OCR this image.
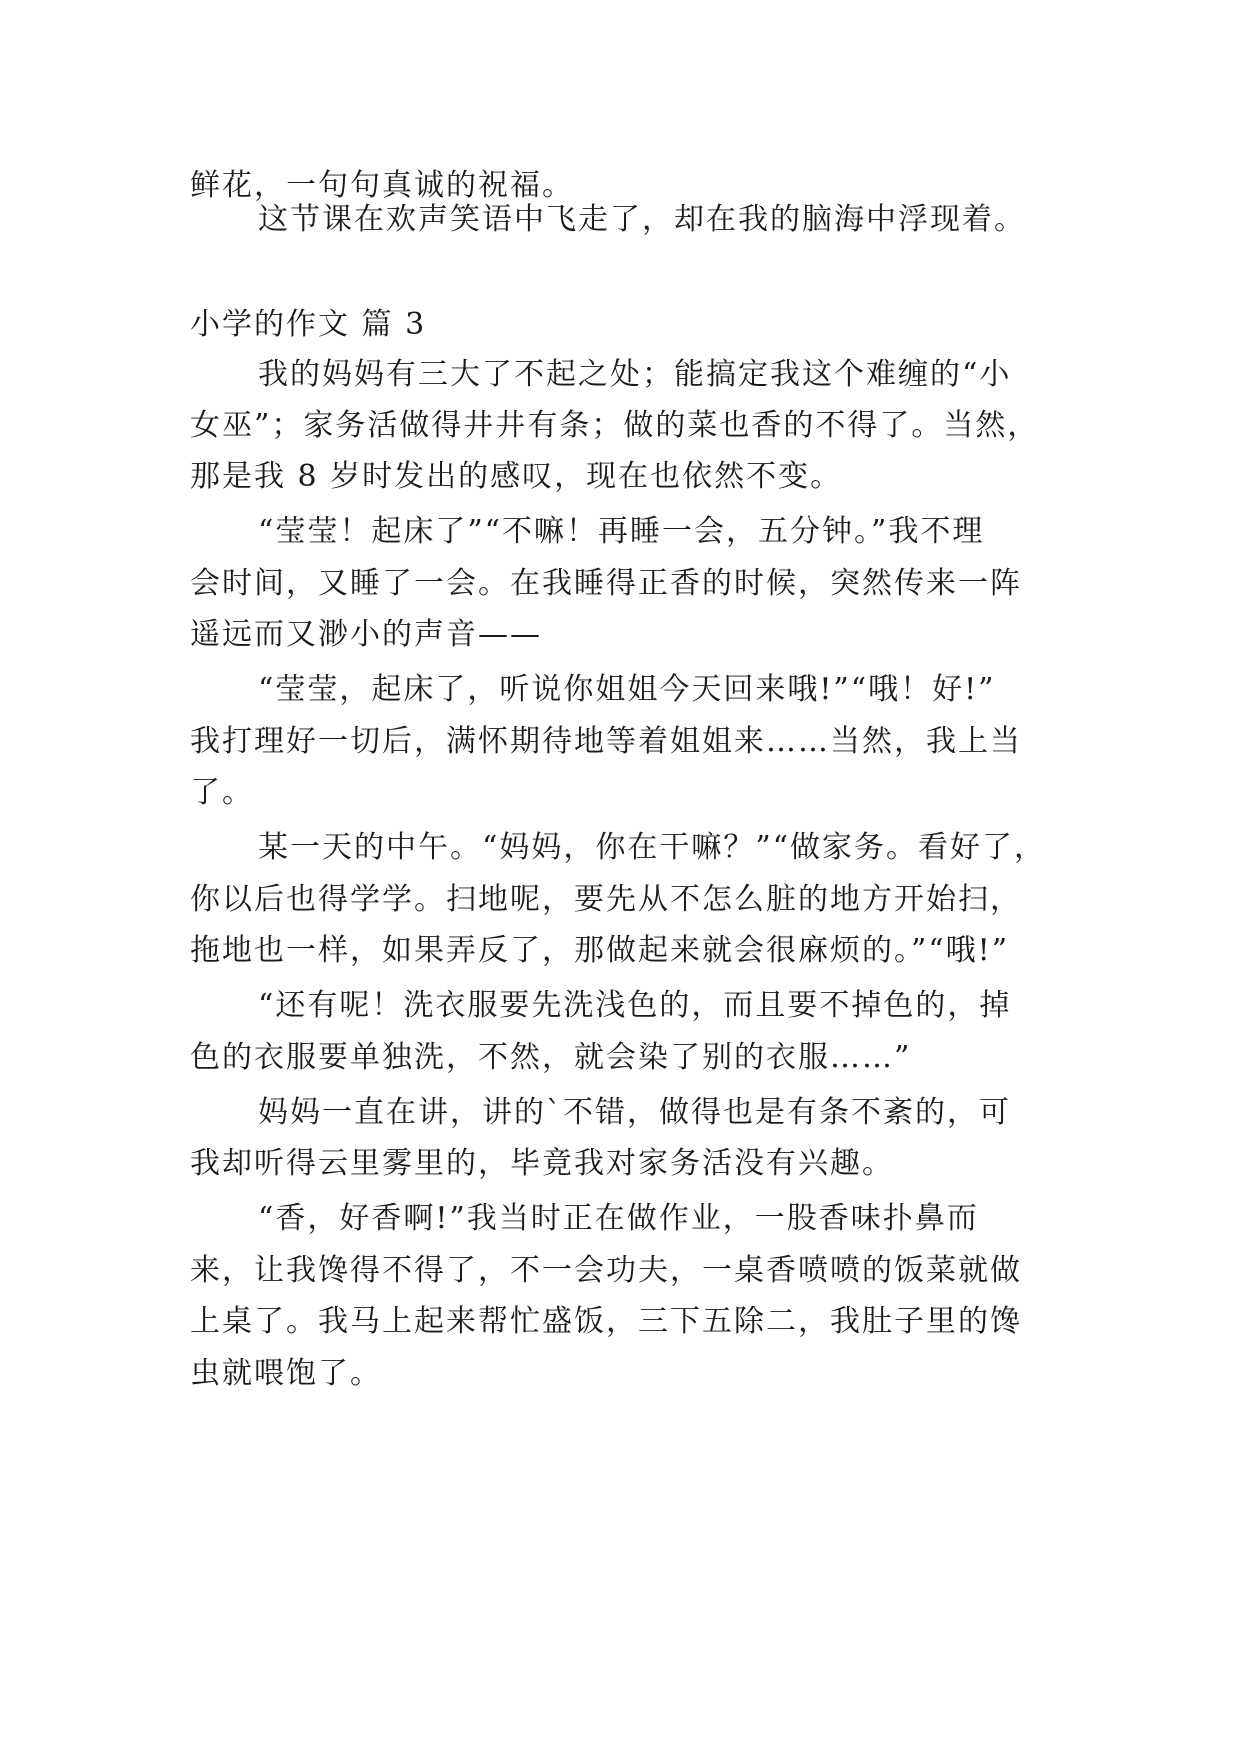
鲜花，一句句真诚的祝福。
这节课在欢声笑语中飞走了，却在我的脑海中浮现着。
小学的作文 篇 3
我的妈妈有三大了不起之处；能搞定我这个难缠的“小
女巫”；家务活做得井井有条；做的菜也香的不得了。当然，
那是我 8 岁时发出的感叹，现在也依然不变。
“莹莹！起床了”“不嘛！再睡一会，五分钟。”我不理
会时间，又睡了一会。在我睡得正香的时候，突然传来一阵
遥远而又渺小的声音——
“莹莹，起床了，听说你姐姐今天回来哦!”“哦！好!”
我打理好一切后，满怀期待地等着姐姐来……当然，我上当
了。
某一天的中午。“妈妈，你在干嘛？”“做家务。看好了，
你以后也得学学。扫地呢，要先从不怎么脏的地方开始扫，
拖地也一样，如果弄反了，那做起来就会很麻烦的。”“哦!”
“还有呢！洗衣服要先洗浅色的，而且要不掉色的，掉
色的衣服要单独洗，不然，就会染了别的衣服……”
妈妈一直在讲，讲的`不错，做得也是有条不紊的，可
我却听得云里雾里的，毕竟我对家务活没有兴趣。
“香，好香啊!”我当时正在做作业，一股香味扑鼻而
来，让我馋得不得了，不一会功夫，一桌香喷喷的饭菜就做
上桌了。我马上起来帮忙盛饭，三下五除二，我肚子里的馋
虫就喂饱了。
